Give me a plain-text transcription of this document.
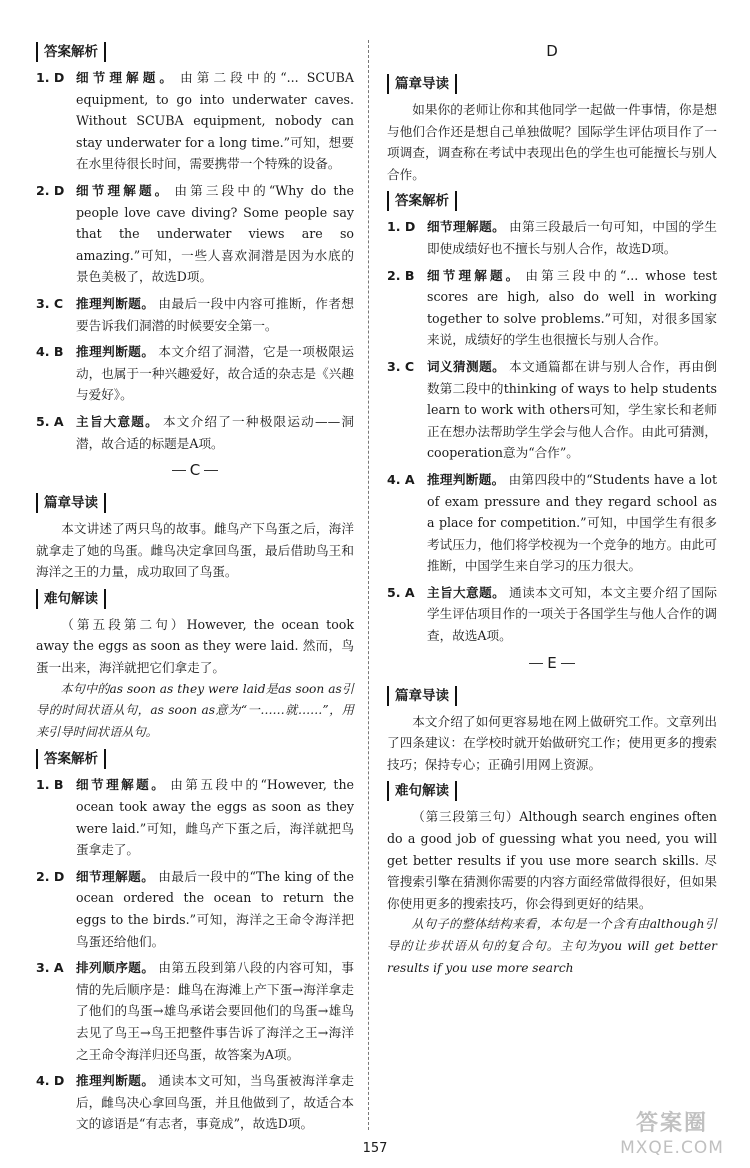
答案解析
1. D 细节理解题。 由第二段中的“... SCUBA equipment, to go into underwater caves. Without SCUBA equipment, nobody can stay underwater for a long time.”可知，想要在水里待很长时间，需要携带一个特殊的设备。
2. D 细节理解题。 由第三段中的“Why do the people love cave diving? Some people say that the underwater views are so amazing.”可知，一些人喜欢洞潜是因为水底的景色美极了，故选D项。
3. C	推理判断题。 由最后一段中内容可推断，作者想要告诉我们洞潜的时候要安全第一。
4. B 推理判断题。 本文介绍了洞潜，它是一项极限运动，也属于一种兴趣爱好，故合适的杂志是《兴趣与爱好》。
5. A 主旨大意题。 本文介绍了一种极限运动——洞潜，故合适的标题是A项。
C
篇章导读

本文讲述了两只鸟的故事。雌鸟产下鸟蛋之后，海洋就拿走了她的鸟蛋。雌鸟决定拿回鸟蛋，最后借助鸟王和海洋之王的力量，成功取回了鸟蛋。

难句解读

（第五段第二句）However, the ocean took away the eggs as soon as they were laid. 然而，鸟蛋一出来，海洋就把它们拿走了。

本句中的as soon as they were laid是as soon as引导的时间状语从句，as soon as意为“一……就……”，用来引导时间状语从句。

答案解析
1. B 细节理解题。 由第五段中的“However, the ocean took away the eggs as soon as they were laid.”可知，雌鸟产下蛋之后，海洋就把鸟蛋拿走了。
2. D 细节理解题。 由最后一段中的“The king of the ocean ordered the ocean to return the eggs to the birds.”可知，海洋之王命令海洋把鸟蛋还给他们。
3. A 排列顺序题。 由第五段到第八段的内容可知，事情的先后顺序是：雌鸟在海滩上产下蛋→海洋拿走了他们的鸟蛋→雄鸟承诺会要回他们的鸟蛋→雄鸟去见了鸟王→鸟王把整件事告诉了海洋之王→海洋之王命令海洋归还鸟蛋，故答案为A项。
4. D 推理判断题。 通读本文可知，当鸟蛋被海洋拿走后，雌鸟决心拿回鸟蛋，并且他做到了，故适合本文的谚语是“有志者，事竟成”，故选D项。
D
篇章导读

如果你的老师让你和其他同学一起做一件事情，你是想与他们合作还是想自己单独做呢？国际学生评估项目作了一项调查，调查称在考试中表现出色的学生也可能擅长与别人合作。

答案解析
1. D 细节理解题。 由第三段最后一句可知，中国的学生即使成绩好也不擅长与别人合作，故选D项。
2. B 细节理解题。 由第三段中的“... whose test scores are high, also do well in working together to solve problems.”可知，对很多国家来说，成绩好的学生也很擅长与别人合作。
3. C	词义猜测题。 本文通篇都在讲与别人合作，再由倒数第二段中的thinking of ways to help students learn to work with others可知，学生家长和老师正在想办法帮助学生学会与他人合作。由此可猜测，cooperation意为“合作”。
4. A 推理判断题。 由第四段中的“Students have a lot of exam pressure and they regard school as a place for competition.”可知，中国学生有很多考试压力，他们将学校视为一个竞争的地方。由此可推断，中国学生来自学习的压力很大。
5. A 主旨大意题。 通读本文可知，本文主要介绍了国际学生评估项目作的一项关于各国学生与他人合作的调查，故选A项。
E
篇章导读

本文介绍了如何更容易地在网上做研究工作。文章列出了四条建议：在学校时就开始做研究工作；使用更多的搜索技巧；保持专心；正确引用网上资源。

难句解读

（第三段第三句）Although search engines often do a good job of guessing what you need, you will get better results if you use more search skills. 尽管搜索引擎在猜测你需要的内容方面经常做得很好，但如果你使用更多的搜索技巧，你会得到更好的结果。

从句子的整体结构来看，本句是一个含有由although引导的让步状语从句的复合句。主句为you will get better results if you use more search

157
答案圈
MXQE.COM
